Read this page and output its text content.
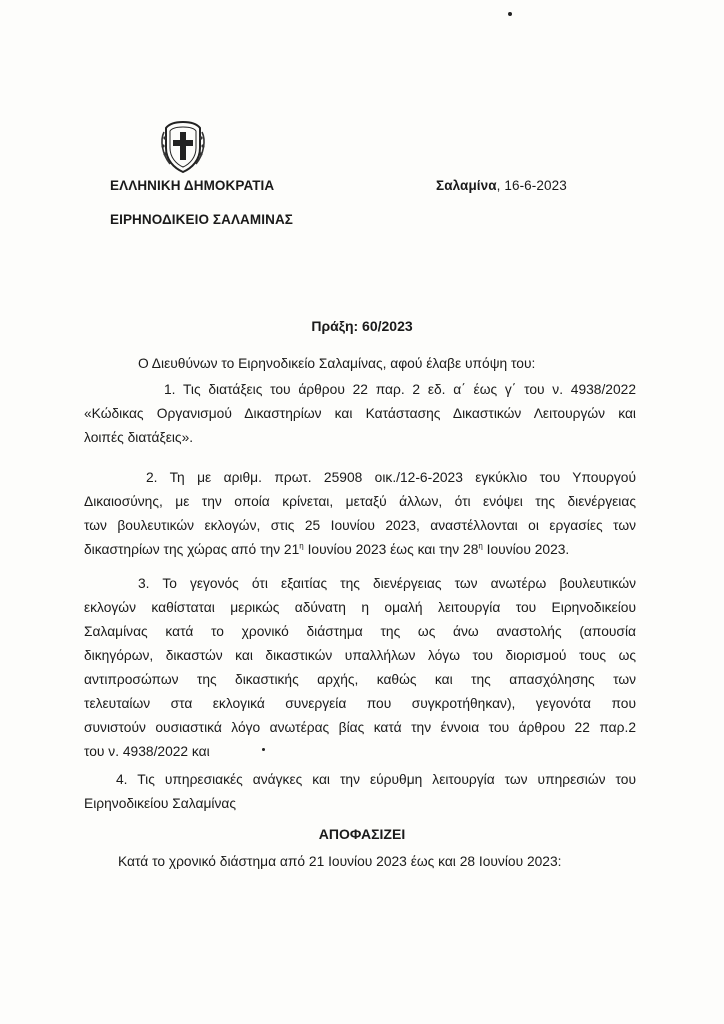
ΕΛΛΗΝΙΚΗ ΔΗΜΟΚΡΑΤΙΑ
ΕΙΡΗΝΟΔΙΚΕΙΟ ΣΑΛΑΜΙΝΑΣ
Σαλαμίνα, 16-6-2023
Πράξη: 60/2023
Ο Διευθύνων το Ειρηνοδικείο Σαλαμίνας, αφού έλαβε υπόψη του:
1. Τις διατάξεις του άρθρου 22 παρ. 2 εδ. α΄ έως γ΄ του ν. 4938/2022
«Κώδικας Οργανισμού Δικαστηρίων και Κατάστασης Δικαστικών Λειτουργών και
λοιπές διατάξεις».
2. Τη με αριθμ. πρωτ. 25908 οικ./12-6-2023 εγκύκλιο του Υπουργού
Δικαιοσύνης, με την οποία κρίνεται, μεταξύ άλλων, ότι ενόψει της διενέργειας
των βουλευτικών εκλογών, στις 25 Ιουνίου 2023, αναστέλλονται οι εργασίες των
δικαστηρίων της χώρας από την $21^\eta$ Ιουνίου 2023 έως και την $28^\eta$ Ιουνίου 2023.
3. Το γεγονός ότι εξαιτίας της διενέργειας των ανωτέρω βουλευτικών
εκλογών καθίσταται μερικώς αδύνατη η ομαλή λειτουργία του Ειρηνοδικείου
Σαλαμίνας κατά το χρονικό διάστημα της ως άνω αναστολής (απουσία
δικηγόρων, δικαστών και δικαστικών υπαλλήλων λόγω του διορισμού τους ως
αντιπροσώπων της δικαστικής αρχής, καθώς και της απασχόλησης των
τελευταίων στα εκλογικά συνεργεία που συγκροτήθηκαν), γεγονότα που
συνιστούν ουσιαστικά λόγο ανωτέρας βίας κατά την έννοια του άρθρου 22 παρ.2
του ν. 4938/2022 και
4. Τις υπηρεσιακές ανάγκες και την εύρυθμη λειτουργία των υπηρεσιών του
Ειρηνοδικείου Σαλαμίνας
ΑΠΟΦΑΣΙΖΕΙ
Κατά το χρονικό διάστημα από 21 Ιουνίου 2023 έως και 28 Ιουνίου 2023:
